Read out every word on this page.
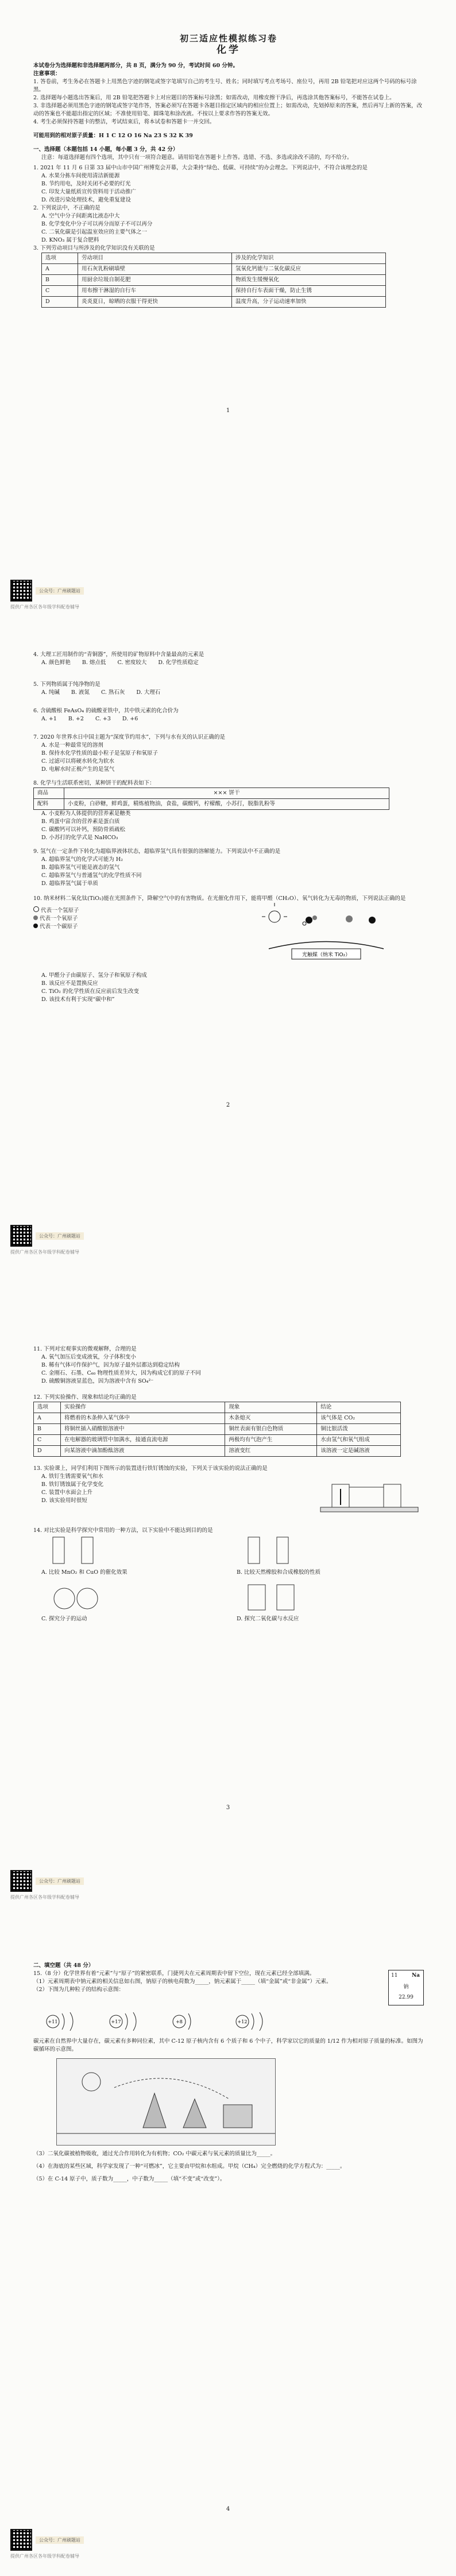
初三适应性模拟练习卷

化学

本试卷分为选择题和非选择题两部分，共 8 页，满分为 90 分，考试时间 60 分钟。

注意事项：

1. 答卷前，考生务必在答题卡上用黑色字迹的钢笔或签字笔填写自己的考生号、姓名；同时填写考点考场号、座位号，再用 2B 铅笔把对应这两个号码的标号涂黑。

2. 选择题每小题选出答案后，用 2B 铅笔把答题卡上对应题目的答案标号涂黑；如需改动，用橡皮擦干净后，再选涂其他答案标号，不能答在试卷上。

3. 非选择题必须用黑色字迹的钢笔或签字笔作答，答案必须写在答题卡各题目指定区域内的相应位置上；如需改动，先划掉原来的答案，然后再写上新的答案，改动的答案也不能超出指定的区域；不准使用铅笔、圆珠笔和涂改液。不按以上要求作答的答案无效。

4. 考生必须保持答题卡的整洁，考试结束后，将本试卷和答题卡一并交回。

可能用到的相对原子质量：H 1 C 12 O 16 Na 23 S 32 K 39

一、选择题（本题包括 14 小题，每小题 3 分，共 42 分）

注意：每道选择题有四个选项，其中只有一项符合题意。请用铅笔在答题卡上作答。选错、不选、多选或涂改不清的，均不给分。

1. 2021 年 11 月 6 日第 33 届中山市中国广州博览会开幕，大会秉持“绿色、低碳、可持续”的办会理念。下列说法中，不符合该理念的是

A. 水果分拣车间使用清洁新能源

B. 节约用电，及时关闭不必要的灯光

C. 印发大量纸质宣传资料用于活动推广

D. 改进污染处理技术，避免重复建设

2. 下列说法中，不正确的是

A. 空气中分子间距离比液态中大

B. 化学变化中分子可以再分而原子不可以再分

C. 二氧化碳是引起温室效应的主要气体之一

D. KNO₃ 属于复合肥料

3. 下列劳动项目与所涉及的化学知识没有关联的是

选项	劳动项目	涉及的化学知识
A	用石灰乳粉刷墙壁	氢氧化钙能与二氧化碳反应
B	用厨余垃圾自制花肥	物质发生缓慢氧化
C	用布擦干淋湿的自行车	保持自行车表面干燥，防止生锈
D	炎炎夏日，晾晒的衣服干得更快	温度升高，分子运动速率加快

1

公众号：广州刷题站

提供广州各区各年级学科配卷辅导

4. 大理工匠用制作的“青铜器”，所使用的矿物原料中含量最高的元素是

A. 颜色鲜艳 B. 熔点低 C. 密度较大 D. 化学性质稳定

5. 下列物质属于纯净物的是

A. 纯碱 B. 液氮 C. 熟石灰 D. 大理石

6. 含硫酸根 FeAsO₄ 的硫酸亚铁中，其中铁元素的化合价为

A. +1 B. +2 C. +3 D. +6

7. 2020 年世界水日中国主题为“深度节约用水”，下列与水有关的认识正确的是

A. 水是一种最常见的溶剂

B. 保持水化学性质的最小粒子是氢原子和氧原子

C. 过滤可以将硬水转化为软水

D. 电解水时正极产生的是氢气

8. 化学与生活联系密切，某种饼干的配料表如下：

商品	××× 饼干
配料	小麦粉，白砂糖，鲜鸡蛋，精炼植物油，食盐，碳酸钙，柠檬酸，小苏打，脱脂乳粉等

A. 小麦粉为人体提供的营养素是糖类

B. 鸡蛋中富含的营养素是蛋白质

C. 碳酸钙可以补钙，预防骨质疏松

D. 小苏打的化学式是 NaHCO₃

9. 氢气在一定条件下转化为超临界液体状态，超临界氢气具有很强的溶解能力。下列说法中不正确的是

A. 超临界氢气的化学式可能为 H₂

B. 超临界氢气可能是液态的氢气

C. 超临界氢气与普通氢气的化学性质不同

D. 超临界氢气属于单质

10. 纳米材料二氧化钛(TiO₂)能在光照条件下，降解空气中的有害物质。在光催化作用下，能将甲醛（CH₂O）、氧气转化为无毒的物质，下列说法正确的是

代表一个氢原子

代表一个氧原子

代表一个碳原子

光触媒（纳米 TiO₂）

A. 甲醛分子由碳原子、氢分子和氧原子构成

B. 该反应不是置换反应

C. TiO₂ 的化学性质在反应前后发生改变

D. 该技术有利于实现“碳中和”

2

公众号：广州刷题站

提供广州各区各年级学科配卷辅导

11. 下列对宏观事实的微观解释，合理的是

A. 氧气加压后变成液氧，分子体积变小

B. 稀有气体可作保护气，因为原子最外层都达到稳定结构

C. 金刚石、石墨、C₆₀ 物理性质差异大，因为构成它们的原子不同

D. 硫酸铜溶液显蓝色，因为溶液中含有 SO₄²⁻

12. 下列实验操作、现象和结论均正确的是

选项	实验操作	现象	结论
A	将燃着的木条伸入某气体中	木条熄灭	该气体是 CO₂
B	将铜丝插入硝酸银溶液中	铜丝表面有银白色物质	铜比银活泼
C	在电解器的玻璃管中加满水，接通直流电源	两极均有气泡产生	水由氢气和氧气组成
D	向某溶液中滴加酚酞溶液	溶液变红	该溶液一定是碱溶液

13. 实验课上，同学们利用下图所示的装置进行铁钉锈蚀的实验，下列关于该实验的说法正确的是

A. 铁钉生锈需要氧气和水

B. 铁钉锈蚀属于化学变化

C. 装置中水面会上升

D. 该实验用时很短

14. 对比实验是科学探究中常用的一种方法，以下实验中不能达到目的的是

A. 比较 MnO₂ 和 CuO 的催化效果	B. 比较天然橡胶和合成橡胶的性质

C. 探究分子的运动	D. 探究二氧化碳与水反应

3

公众号：广州刷题站

提供广州各区各年级学科配卷辅导

二、填空题（共 48 分）

15.（8 分）化学世界有着“元素”与“原子”的紧密联系，门捷列夫在元素周期表中留下空位，现在元素已经全部填满。

（1）元素周期表中钠元素的相关信息如右图，钠原子的核电荷数为_____，钠元素属于_____（填“金属”或“非金属”）元素。

（2）下图为几种粒子的结构示意图：

11	Na
钠
22.99
+11	+17	+8	+12

碳元素在自然界中大量存在，碳元素有多种同位素，其中 C-12 原子核内含有 6 个质子和 6 个中子，科学家以它的质量的 1/12 作为相对原子质量的标准。如图为碳循环的示意图。

（3）二氧化碳被植物吸收，通过光合作用转化为有机物；CO₂ 中碳元素与氧元素的质量比为_____。

（4）在海底的某些区域，科学家发现了一种“可燃冰”，它主要由甲烷和水组成。甲烷（CH₄）完全燃烧的化学方程式为：_____。

（5）在 C-14 原子中，质子数为_____，中子数为_____（填“不变”或“改变”）。

4

公众号：广州刷题站

提供广州各区各年级学科配卷辅导
